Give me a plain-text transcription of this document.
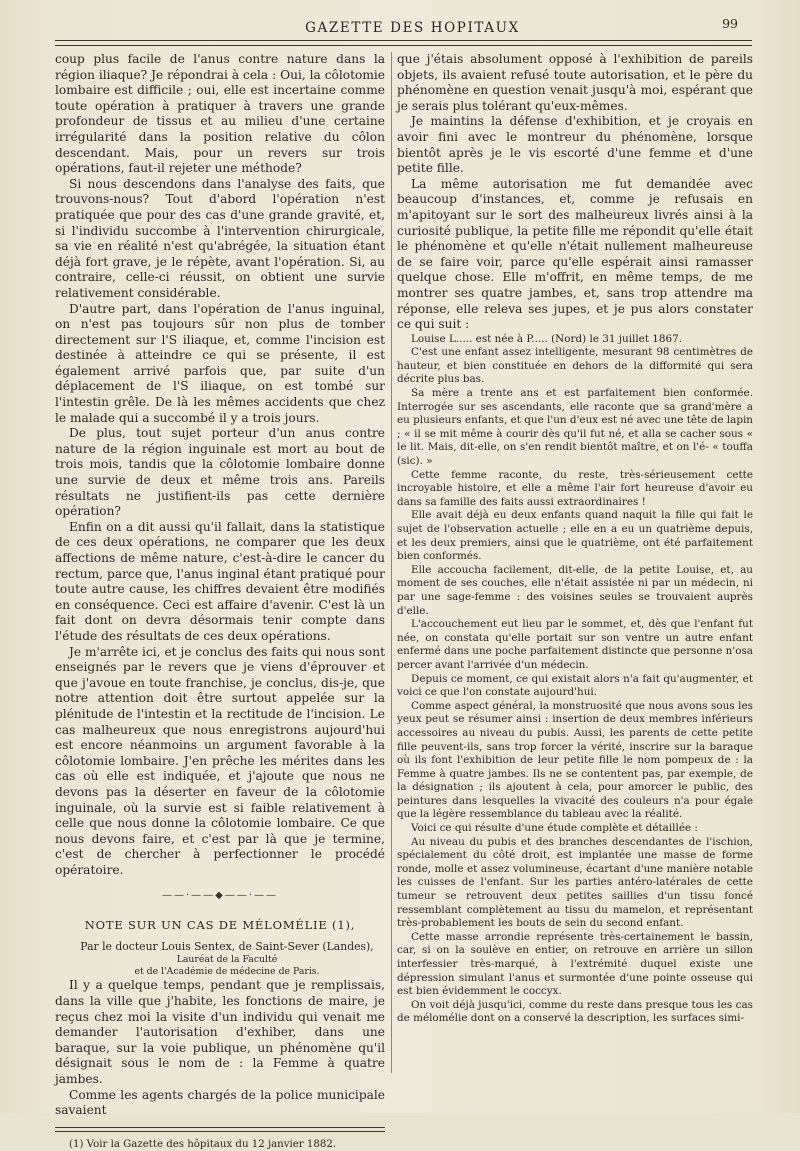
GAZETTE DES HOPITAUX	99

coup plus facile de l'anus contre nature dans la région iliaque? Je répondrai à cela : Oui, la côlotomie lombaire est difficile ; oui, elle est incertaine comme toute opération à pratiquer à travers une grande profondeur de tissus et au milieu d'une certaine irrégularité dans la position relative du côlon descendant. Mais, pour un revers sur trois opérations, faut-il rejeter une méthode?

Si nous descendons dans l'analyse des faits, que trouvons-nous? Tout d'abord l'opération n'est pratiquée que pour des cas d'une grande gravité, et, si l'individu succombe à l'intervention chirurgicale, sa vie en réalité n'est qu'abrégée, la situation étant déjà fort grave, je le répète, avant l'opération. Si, au contraire, celle-ci réussit, on obtient une survie relativement considérable.

D'autre part, dans l'opération de l'anus inguinal, on n'est pas toujours sûr non plus de tomber directement sur l'S iliaque, et, comme l'incision est destinée à atteindre ce qui se présente, il est également arrivé parfois que, par suite d'un déplacement de l'S iliaque, on est tombé sur l'intestin grêle. De là les mêmes accidents que chez le malade qui a succombé il y a trois jours.

De plus, tout sujet porteur d'un anus contre nature de la région inguinale est mort au bout de trois mois, tandis que la côlotomie lombaire donne une survie de deux et même trois ans. Pareils résultats ne justifient-ils pas cette dernière opération?

Enfin on a dit aussi qu'il fallait, dans la statistique de ces deux opérations, ne comparer que les deux affections de même nature, c'est-à-dire le cancer du rectum, parce que, l'anus inginal étant pratiqué pour toute autre cause, les chiffres devaient être modifiés en conséquence. Ceci est affaire d'avenir. C'est là un fait dont on devra désormais tenir compte dans l'étude des résultats de ces deux opérations.

Je m'arrête ici, et je conclus des faits qui nous sont enseignés par le revers que je viens d'éprouver et que j'avoue en toute franchise, je conclus, dis-je, que notre attention doit être surtout appelée sur la plénitude de l'intestin et la rectitude de l'incision. Le cas malheureux que nous enregistrons aujourd'hui est encore néanmoins un argument favorable à la côlotomie lombaire. J'en prêche les mérites dans les cas où elle est indiquée, et j'ajoute que nous ne devons pas la déserter en faveur de la côlotomie inguinale, où la survie est si faible relativement à celle que nous donne la côlotomie lombaire. Ce que nous devons faire, et c'est par là que je termine, c'est de chercher à perfectionner le procédé opératoire.

——·——◆——·——
NOTE SUR UN CAS DE MÉLOMÉLIE (1),

Par le docteur Louis Sentex, de Saint-Sever (Landes),

Lauréat de la Faculté

et de l'Académie de médecine de Paris.

Il y a quelque temps, pendant que je remplissais, dans la ville que j'habite, les fonctions de maire, je reçus chez moi la visite d'un individu qui venait me demander l'autorisation d'exhiber, dans une baraque, sur la voie publique, un phénomène qu'il désignait sous le nom de : la Femme à quatre jambes.

Comme les agents chargés de la police municipale savaient

(1) Voir la Gazette des hôpitaux du 12 janvier 1882.

que j'étais absolument opposé à l'exhibition de pareils objets, ils avaient refusé toute autorisation, et le père du phénomène en question venait jusqu'à moi, espérant que je serais plus tolérant qu'eux-mêmes.

Je maintins la défense d'exhibition, et je croyais en avoir fini avec le montreur du phénomène, lorsque bientôt après je le vis escorté d'une femme et d'une petite fille.

La même autorisation me fut demandée avec beaucoup d'instances, et, comme je refusais en m'apitoyant sur le sort des malheureux livrés ainsi à la curiosité publique, la petite fille me répondit qu'elle était le phénomène et qu'elle n'était nullement malheureuse de se faire voir, parce qu'elle espérait ainsi ramasser quelque chose. Elle m'offrit, en même temps, de me montrer ses quatre jambes, et, sans trop attendre ma réponse, elle releva ses jupes, et je pus alors constater ce qui suit :

Louise L..... est née à P..... (Nord) le 31 juillet 1867.

C'est une enfant assez intelligente, mesurant 98 centimètres de hauteur, et bien constituée en dehors de la difformité qui sera décrite plus bas.

Sa mère a trente ans et est parfaitement bien conformée. Interrogée sur ses ascendants, elle raconte que sa grand'mère a eu plusieurs enfants, et que l'un d'eux est né avec une tête de lapin ; « il se mit même à courir dès qu'il fut né, et alla se cacher sous « le lit. Mais, dit-elle, on s'en rendit bientôt maître, et on l'é- « touffa (sic). »

Cette femme raconte, du reste, très-sérieusement cette incroyable histoire, et elle a même l'air fort heureuse d'avoir eu dans sa famille des faits aussi extraordinaires !

Elle avait déjà eu deux enfants quand naquit la fille qui fait le sujet de l'observation actuelle ; elle en a eu un quatrième depuis, et les deux premiers, ainsi que le quatrième, ont été parfaitement bien conformés.

Elle accoucha facilement, dit-elle, de la petite Louise, et, au moment de ses couches, elle n'était assistée ni par un médecin, ni par une sage-femme : des voisines seules se trouvaient auprès d'elle.

L'accouchement eut lieu par le sommet, et, dès que l'enfant fut née, on constata qu'elle portait sur son ventre un autre enfant enfermé dans une poche parfaitement distincte que personne n'osa percer avant l'arrivée d'un médecin.

Depuis ce moment, ce qui existait alors n'a fait qu'augmenter, et voici ce que l'on constate aujourd'hui.

Comme aspect général, la monstruosité que nous avons sous les yeux peut se résumer ainsi : insertion de deux membres inférieurs accessoires au niveau du pubis. Aussi, les parents de cette petite fille peuvent-ils, sans trop forcer la vérité, inscrire sur la baraque où ils font l'exhibition de leur petite fille le nom pompeux de : la Femme à quatre jambes. Ils ne se contentent pas, par exemple, de la désignation ; ils ajoutent à cela, pour amorcer le public, des peintures dans lesquelles la vivacité des couleurs n'a pour égale que la légère ressemblance du tableau avec la réalité.

Voici ce qui résulte d'une étude complète et détaillée :

Au niveau du pubis et des branches descendantes de l'ischion, spécialement du côté droit, est implantée une masse de forme ronde, molle et assez volumineuse, écartant d'une manière notable les cuisses de l'enfant. Sur les parties antéro-latérales de cette tumeur se retrouvent deux petites saillies d'un tissu foncé ressemblant complètement au tissu du mamelon, et représentant très-probablement les bouts de sein du second enfant.

Cette masse arrondie représente très-certainement le bassin, car, si on la soulève en entier, on retrouve en arrière un sillon interfessier très-marqué, à l'extrémité duquel existe une dépression simulant l'anus et surmontée d'une pointe osseuse qui est bien évidemment le coccyx.

On voit déjà jusqu'ici, comme du reste dans presque tous les cas de mélomélie dont on a conservé la description, les surfaces simi-
